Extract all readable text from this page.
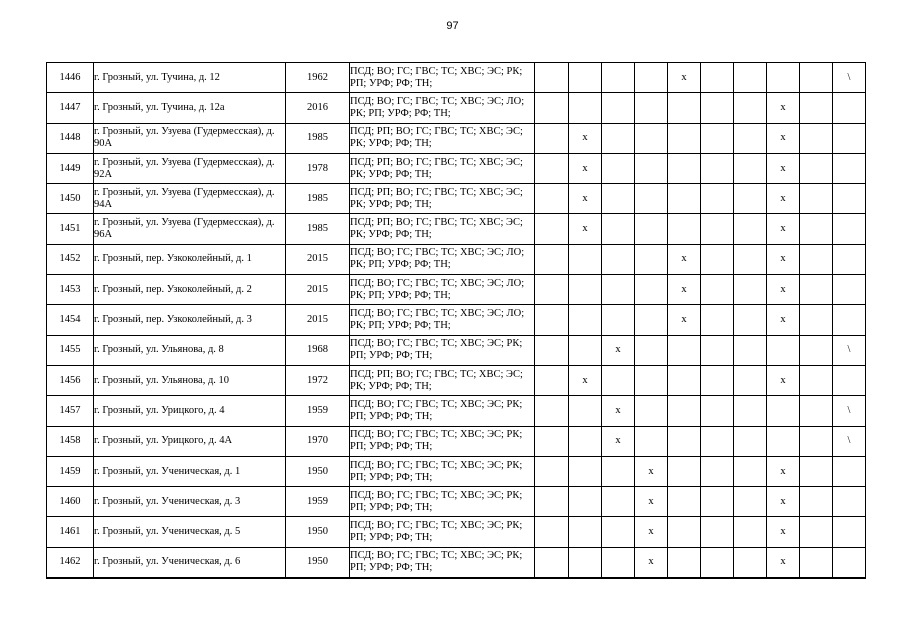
97
1446	г. Грозный, ул. Тучина, д. 12	1962	ПСД; ВО; ГС; ГВС; ТС; ХВС; ЭС; РК; РП; УРФ; РФ; ТН;					x					\
1447	г. Грозный, ул. Тучина, д. 12а	2016	ПСД; ВО; ГС; ГВС; ТС; ХВС; ЭС; ЛО; РК; РП; УРФ; РФ; ТН;								x		
1448	г. Грозный, ул. Узуева (Гудермесская), д. 90А	1985	ПСД; РП; ВО; ГС; ГВС; ТС; ХВС; ЭС; РК; УРФ; РФ; ТН;		x						x		
1449	г. Грозный, ул. Узуева (Гудермесская), д. 92А	1978	ПСД; РП; ВО; ГС; ГВС; ТС; ХВС; ЭС; РК; УРФ; РФ; ТН;		x						x		
1450	г. Грозный, ул. Узуева (Гудермесская), д. 94А	1985	ПСД; РП; ВО; ГС; ГВС; ТС; ХВС; ЭС; РК; УРФ; РФ; ТН;		x						x		
1451	г. Грозный, ул. Узуева (Гудермесская), д. 96А	1985	ПСД; РП; ВО; ГС; ГВС; ТС; ХВС; ЭС; РК; УРФ; РФ; ТН;		x						x		
1452	г. Грозный, пер. Узкоколейный, д. 1	2015	ПСД; ВО; ГС; ГВС; ТС; ХВС; ЭС; ЛО; РК; РП; УРФ; РФ; ТН;					x			x		
1453	г. Грозный, пер. Узкоколейный, д. 2	2015	ПСД; ВО; ГС; ГВС; ТС; ХВС; ЭС; ЛО; РК; РП; УРФ; РФ; ТН;					x			x		
1454	г. Грозный, пер. Узкоколейный, д. 3	2015	ПСД; ВО; ГС; ГВС; ТС; ХВС; ЭС; ЛО; РК; РП; УРФ; РФ; ТН;					x			x		
1455	г. Грозный, ул. Ульянова, д. 8	1968	ПСД; ВО; ГС; ГВС; ТС; ХВС; ЭС; РК; РП; УРФ; РФ; ТН;			x							\
1456	г. Грозный, ул. Ульянова, д. 10	1972	ПСД; РП; ВО; ГС; ГВС; ТС; ХВС; ЭС; РК; УРФ; РФ; ТН;		x						x		
1457	г. Грозный, ул. Урицкого, д. 4	1959	ПСД; ВО; ГС; ГВС; ТС; ХВС; ЭС; РК; РП; УРФ; РФ; ТН;			x							\
1458	г. Грозный, ул. Урицкого, д. 4А	1970	ПСД; ВО; ГС; ГВС; ТС; ХВС; ЭС; РК; РП; УРФ; РФ; ТН;			x							\
1459	г. Грозный, ул. Ученическая, д. 1	1950	ПСД; ВО; ГС; ГВС; ТС; ХВС; ЭС; РК; РП; УРФ; РФ; ТН;				x				x		
1460	г. Грозный, ул. Ученическая, д. 3	1959	ПСД; ВО; ГС; ГВС; ТС; ХВС; ЭС; РК; РП; УРФ; РФ; ТН;				x				x		
1461	г. Грозный, ул. Ученическая, д. 5	1950	ПСД; ВО; ГС; ГВС; ТС; ХВС; ЭС; РК; РП; УРФ; РФ; ТН;				x				x		
1462	г. Грозный, ул. Ученическая, д. 6	1950	ПСД; ВО; ГС; ГВС; ТС; ХВС; ЭС; РК; РП; УРФ; РФ; ТН;				x				x		
